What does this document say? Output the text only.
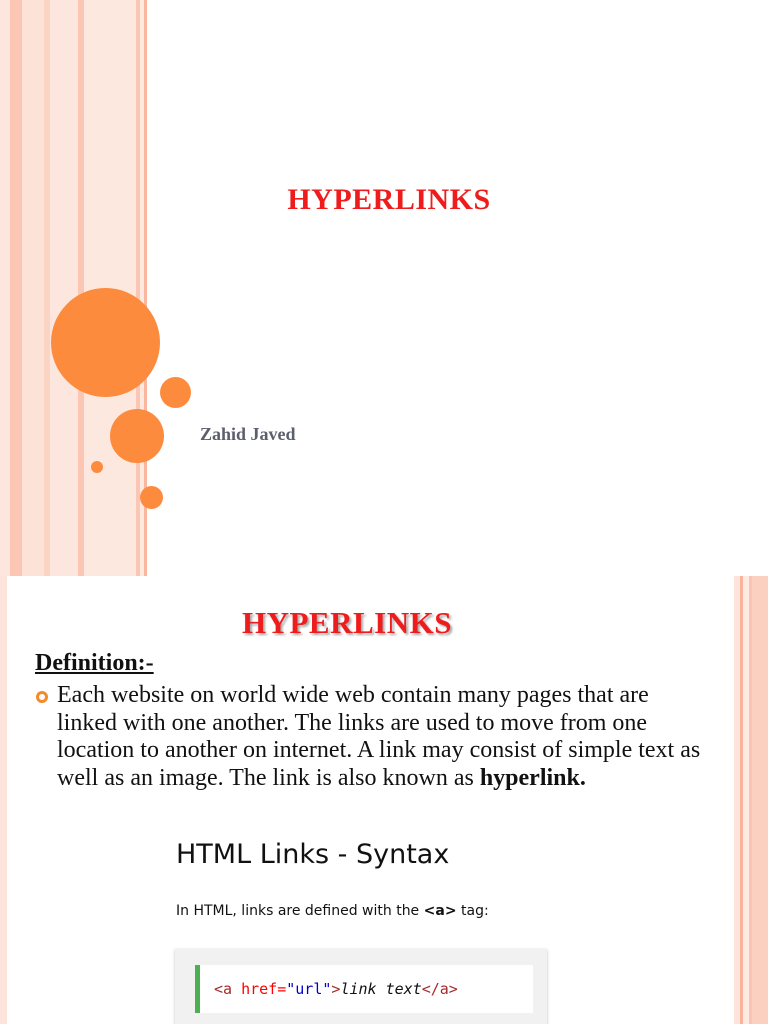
HYPERLINKS
Zahid Javed
HYPERLINKS
Definition:-
Each website on world wide web contain many pages that are linked with one another. The links are used to move from one location to another on internet. A link may consist of simple text as well as an image. The link is also known as hyperlink.
HTML Links - Syntax
In HTML, links are defined with the <a> tag:
<a href="url">link text</a>
